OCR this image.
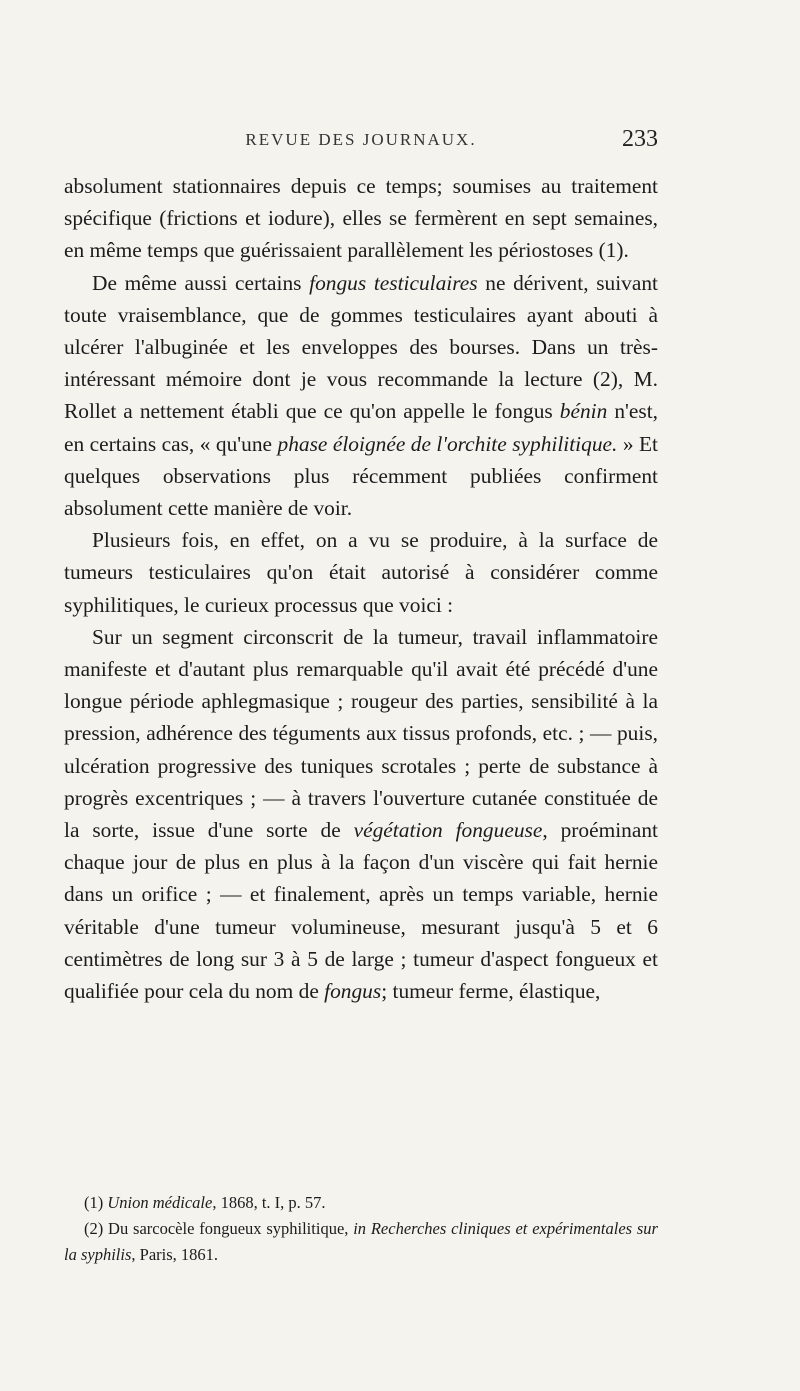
REVUE DES JOURNAUX.	233

absolument stationnaires depuis ce temps; soumises au traitement spécifique (frictions et iodure), elles se fermèrent en sept semaines, en même temps que guérissaient parallèlement les périostoses (1).

De même aussi certains fongus testiculaires ne dérivent, suivant toute vraisemblance, que de gommes testiculaires ayant abouti à ulcérer l'albuginée et les enveloppes des bourses. Dans un très-intéressant mémoire dont je vous recommande la lecture (2), M. Rollet a nettement établi que ce qu'on appelle le fongus bénin n'est, en certains cas, « qu'une phase éloignée de l'orchite syphilitique. » Et quelques observations plus récemment publiées confirment absolument cette manière de voir.

Plusieurs fois, en effet, on a vu se produire, à la surface de tumeurs testiculaires qu'on était autorisé à considérer comme syphilitiques, le curieux processus que voici :

Sur un segment circonscrit de la tumeur, travail inflammatoire manifeste et d'autant plus remarquable qu'il avait été précédé d'une longue période aphlegmasique ; rougeur des parties, sensibilité à la pression, adhérence des téguments aux tissus profonds, etc. ; — puis, ulcération progressive des tuniques scrotales ; perte de substance à progrès excentriques ; — à travers l'ouverture cutanée constituée de la sorte, issue d'une sorte de végétation fongueuse, proéminant chaque jour de plus en plus à la façon d'un viscère qui fait hernie dans un orifice ; — et finalement, après un temps variable, hernie véritable d'une tumeur volumineuse, mesurant jusqu'à 5 et 6 centimètres de long sur 3 à 5 de large ; tumeur d'aspect fongueux et qualifiée pour cela du nom de fongus; tumeur ferme, élastique,

(1) Union médicale, 1868, t. I, p. 57.

(2) Du sarcocèle fongueux syphilitique, in Recherches cliniques et expérimentales sur la syphilis, Paris, 1861.
